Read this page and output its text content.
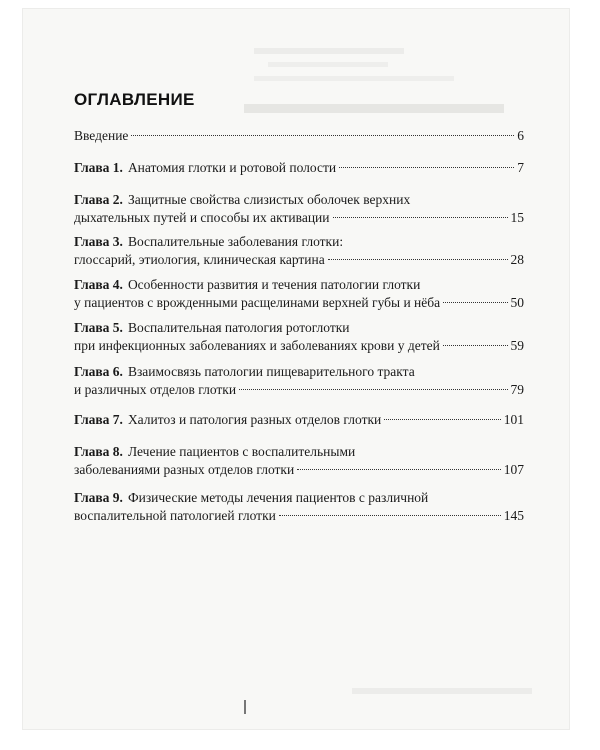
ОГЛАВЛЕНИЕ
Введение	6
Глава 1. Анатомия глотки и ротовой полости	7
Глава 2. Защитные свойства слизистых оболочек верхних
дыхательных путей и способы их активации	15
Глава 3. Воспалительные заболевания глотки:
глоссарий, этиология, клиническая картина	28
Глава 4. Особенности развития и течения патологии глотки
у пациентов с врожденными расщелинами верхней губы и нёба	50
Глава 5. Воспалительная патология ротоглотки
при инфекционных заболеваниях и заболеваниях крови у детей	59
Глава 6. Взаимосвязь патологии пищеварительного тракта
и различных отделов глотки	79
Глава 7. Халитоз и патология разных отделов глотки	101
Глава 8. Лечение пациентов с воспалительными
заболеваниями разных отделов глотки	107
Глава 9. Физические методы лечения пациентов с различной
воспалительной патологией глотки	145
